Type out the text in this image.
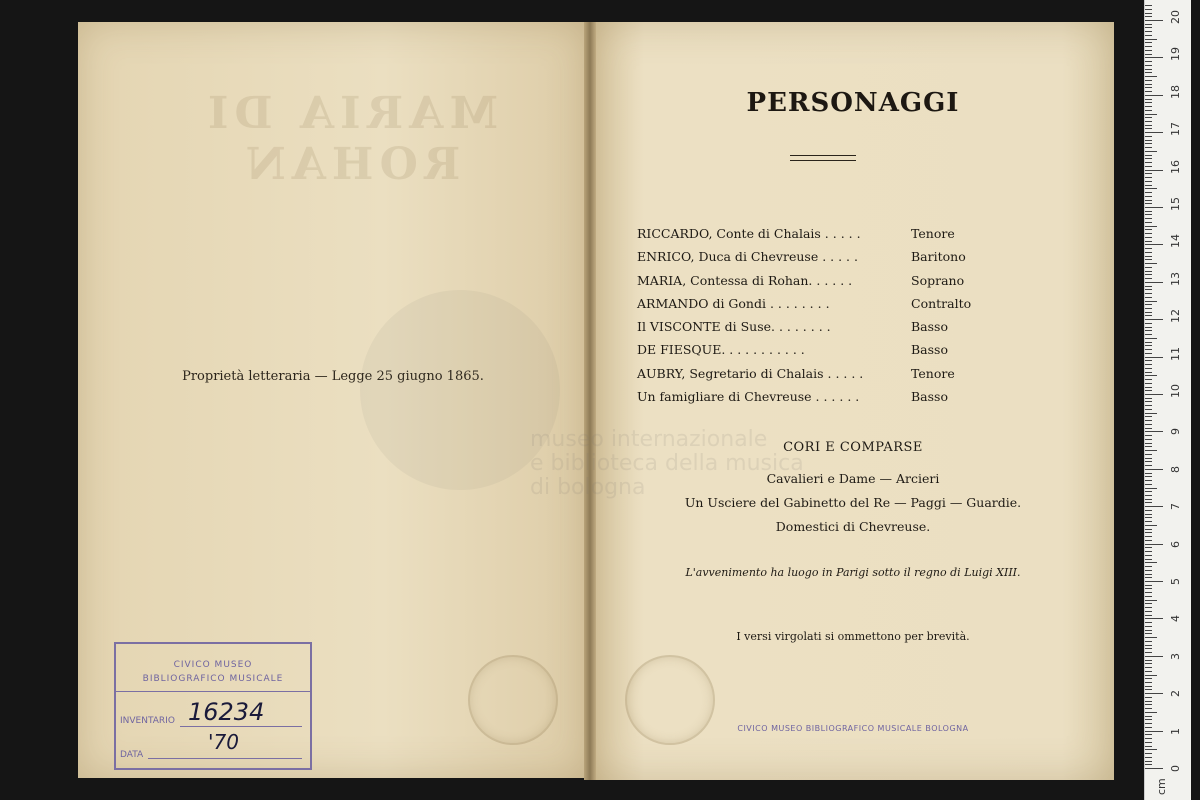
MARIA DI ROHAN
Proprietà letteraria — Legge 25 giugno 1865.
CIVICO MUSEO
BIBLIOGRAFICO MUSICALE
INVENTARIO
DATA
16234
'70
museo internazionale
e biblioteca della musica
di bologna
PERSONAGGI
RICCARDO, Conte di Chalais . . . . .	Tenore
ENRICO, Duca di Chevreuse . . . . .	Baritono
MARIA, Contessa di Rohan. . . . . .	Soprano
ARMANDO di Gondi . . . . . . . .	Contralto
Il VISCONTE di Suse. . . . . . . .	Basso
DE FIESQUE. . . . . . . . . . .	Basso
AUBRY, Segretario di Chalais . . . . .	Tenore
Un famigliare di Chevreuse . . . . . .	Basso
CORI E COMPARSE
Cavalieri e Dame — Arcieri
Un Usciere del Gabinetto del Re — Paggi — Guardie.
Domestici di Chevreuse.
L'avvenimento ha luogo in Parigi sotto il regno di Luigi XIII.
I versi virgolati si ommettono per brevità.
CIVICO MUSEO BIBLIOGRAFICO MUSICALE BOLOGNA
0
1
2
3
4
5
6
7
8
9
10
11
12
13
14
15
16
17
18
19
20
cm
